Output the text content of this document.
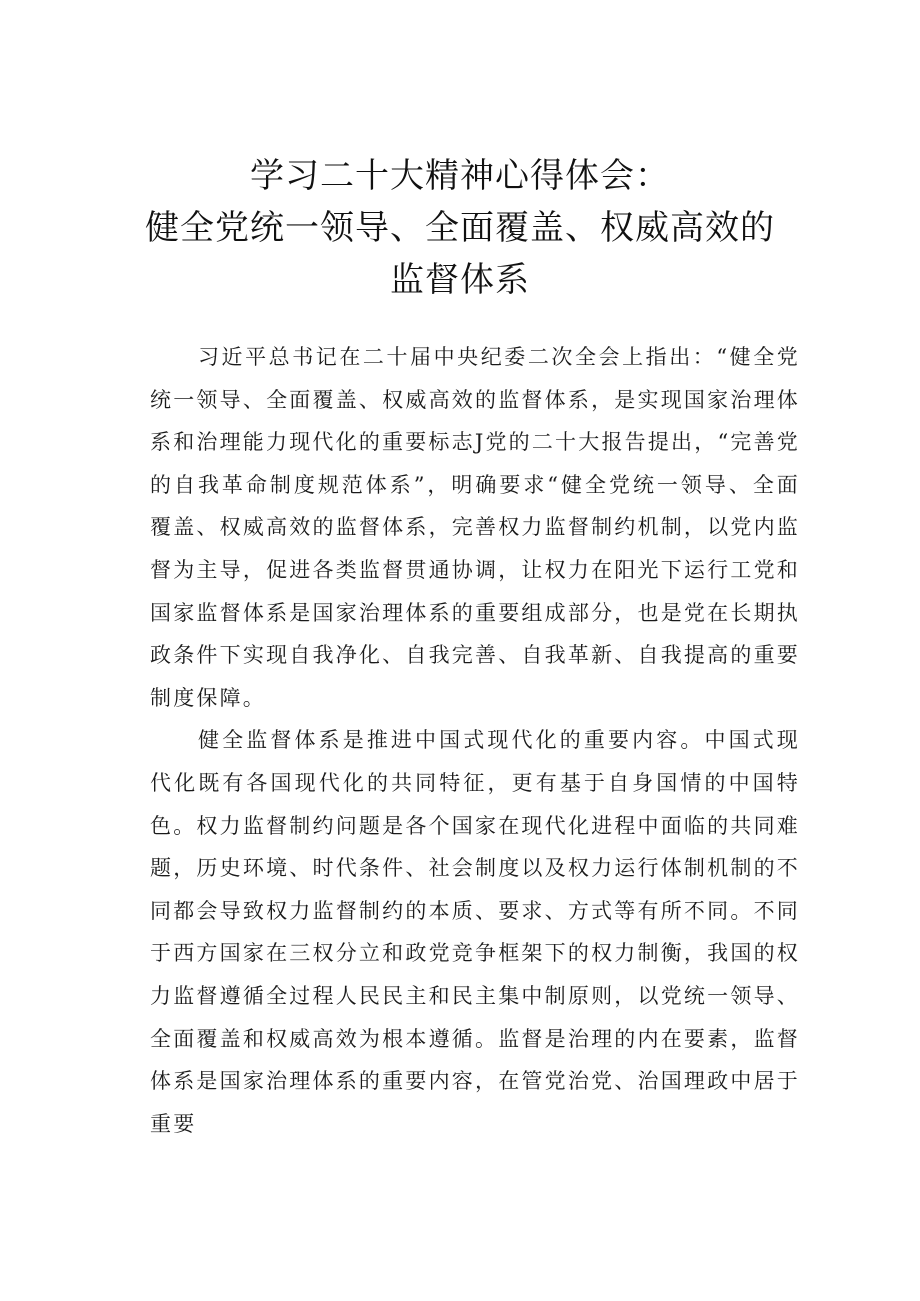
学习二十大精神心得体会：
健全党统一领导、全面覆盖、权威高效的
监督体系

习近平总书记在二十届中央纪委二次全会上指出：“健全党统一领导、全面覆盖、权威高效的监督体系，是实现国家治理体系和治理能力现代化的重要标志J党的二十大报告提出，“完善党的自我革命制度规范体系”，明确要求“健全党统一领导、全面覆盖、权威高效的监督体系，完善权力监督制约机制，以党内监督为主导，促进各类监督贯通协调，让权力在阳光下运行工党和国家监督体系是国家治理体系的重要组成部分，也是党在长期执政条件下实现自我净化、自我完善、自我革新、自我提高的重要制度保障。

健全监督体系是推进中国式现代化的重要内容。中国式现代化既有各国现代化的共同特征，更有基于自身国情的中国特色。权力监督制约问题是各个国家在现代化进程中面临的共同难题，历史环境、时代条件、社会制度以及权力运行体制机制的不同都会导致权力监督制约的本质、要求、方式等有所不同。不同于西方国家在三权分立和政党竞争框架下的权力制衡，我国的权力监督遵循全过程人民民主和民主集中制原则，以党统一领导、全面覆盖和权威高效为根本遵循。监督是治理的内在要素，监督体系是国家治理体系的重要内容，在管党治党、治国理政中居于重要
